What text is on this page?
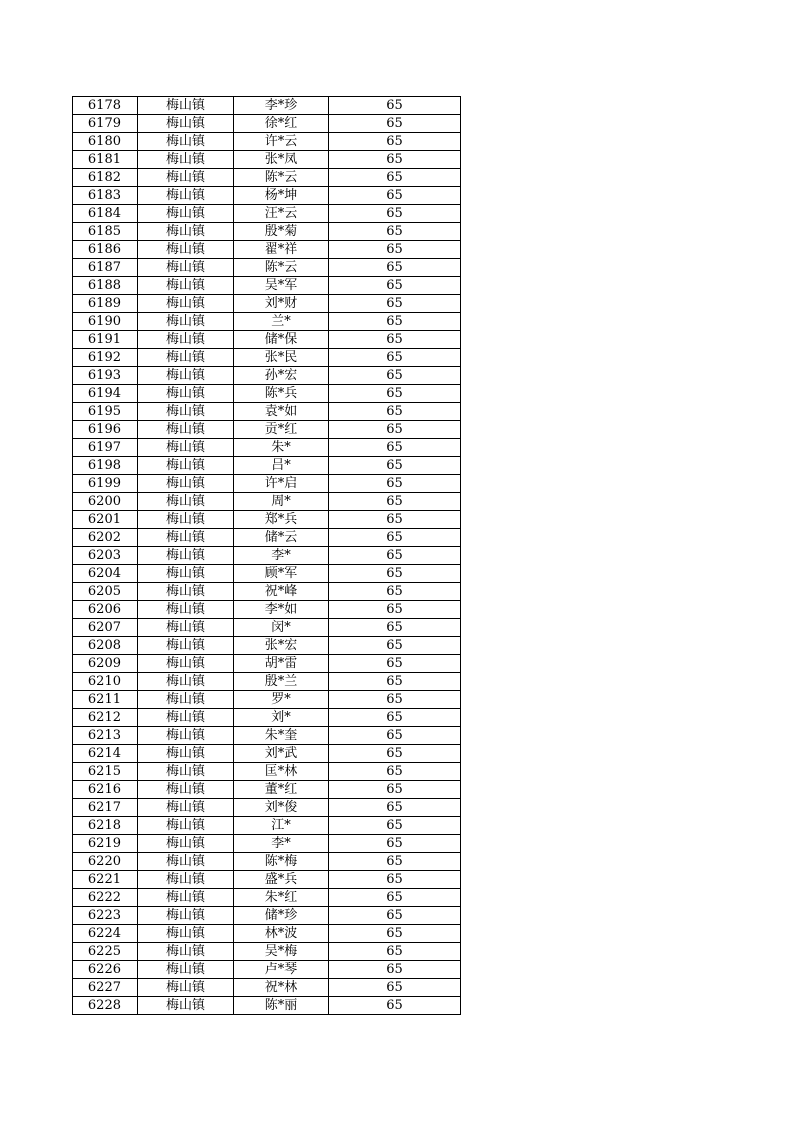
6178	梅山镇	李*珍	65
6179	梅山镇	徐*红	65
6180	梅山镇	许*云	65
6181	梅山镇	张*凤	65
6182	梅山镇	陈*云	65
6183	梅山镇	杨*坤	65
6184	梅山镇	汪*云	65
6185	梅山镇	殷*菊	65
6186	梅山镇	翟*祥	65
6187	梅山镇	陈*云	65
6188	梅山镇	吴*军	65
6189	梅山镇	刘*财	65
6190	梅山镇	兰*	65
6191	梅山镇	储*保	65
6192	梅山镇	张*民	65
6193	梅山镇	孙*宏	65
6194	梅山镇	陈*兵	65
6195	梅山镇	袁*如	65
6196	梅山镇	贡*红	65
6197	梅山镇	朱*	65
6198	梅山镇	吕*	65
6199	梅山镇	许*启	65
6200	梅山镇	周*	65
6201	梅山镇	郑*兵	65
6202	梅山镇	储*云	65
6203	梅山镇	李*	65
6204	梅山镇	顾*军	65
6205	梅山镇	祝*峰	65
6206	梅山镇	李*如	65
6207	梅山镇	闵*	65
6208	梅山镇	张*宏	65
6209	梅山镇	胡*雷	65
6210	梅山镇	殷*兰	65
6211	梅山镇	罗*	65
6212	梅山镇	刘*	65
6213	梅山镇	朱*奎	65
6214	梅山镇	刘*武	65
6215	梅山镇	匡*林	65
6216	梅山镇	董*红	65
6217	梅山镇	刘*俊	65
6218	梅山镇	江*	65
6219	梅山镇	李*	65
6220	梅山镇	陈*梅	65
6221	梅山镇	盛*兵	65
6222	梅山镇	朱*红	65
6223	梅山镇	储*珍	65
6224	梅山镇	林*波	65
6225	梅山镇	吴*梅	65
6226	梅山镇	卢*琴	65
6227	梅山镇	祝*林	65
6228	梅山镇	陈*丽	65
